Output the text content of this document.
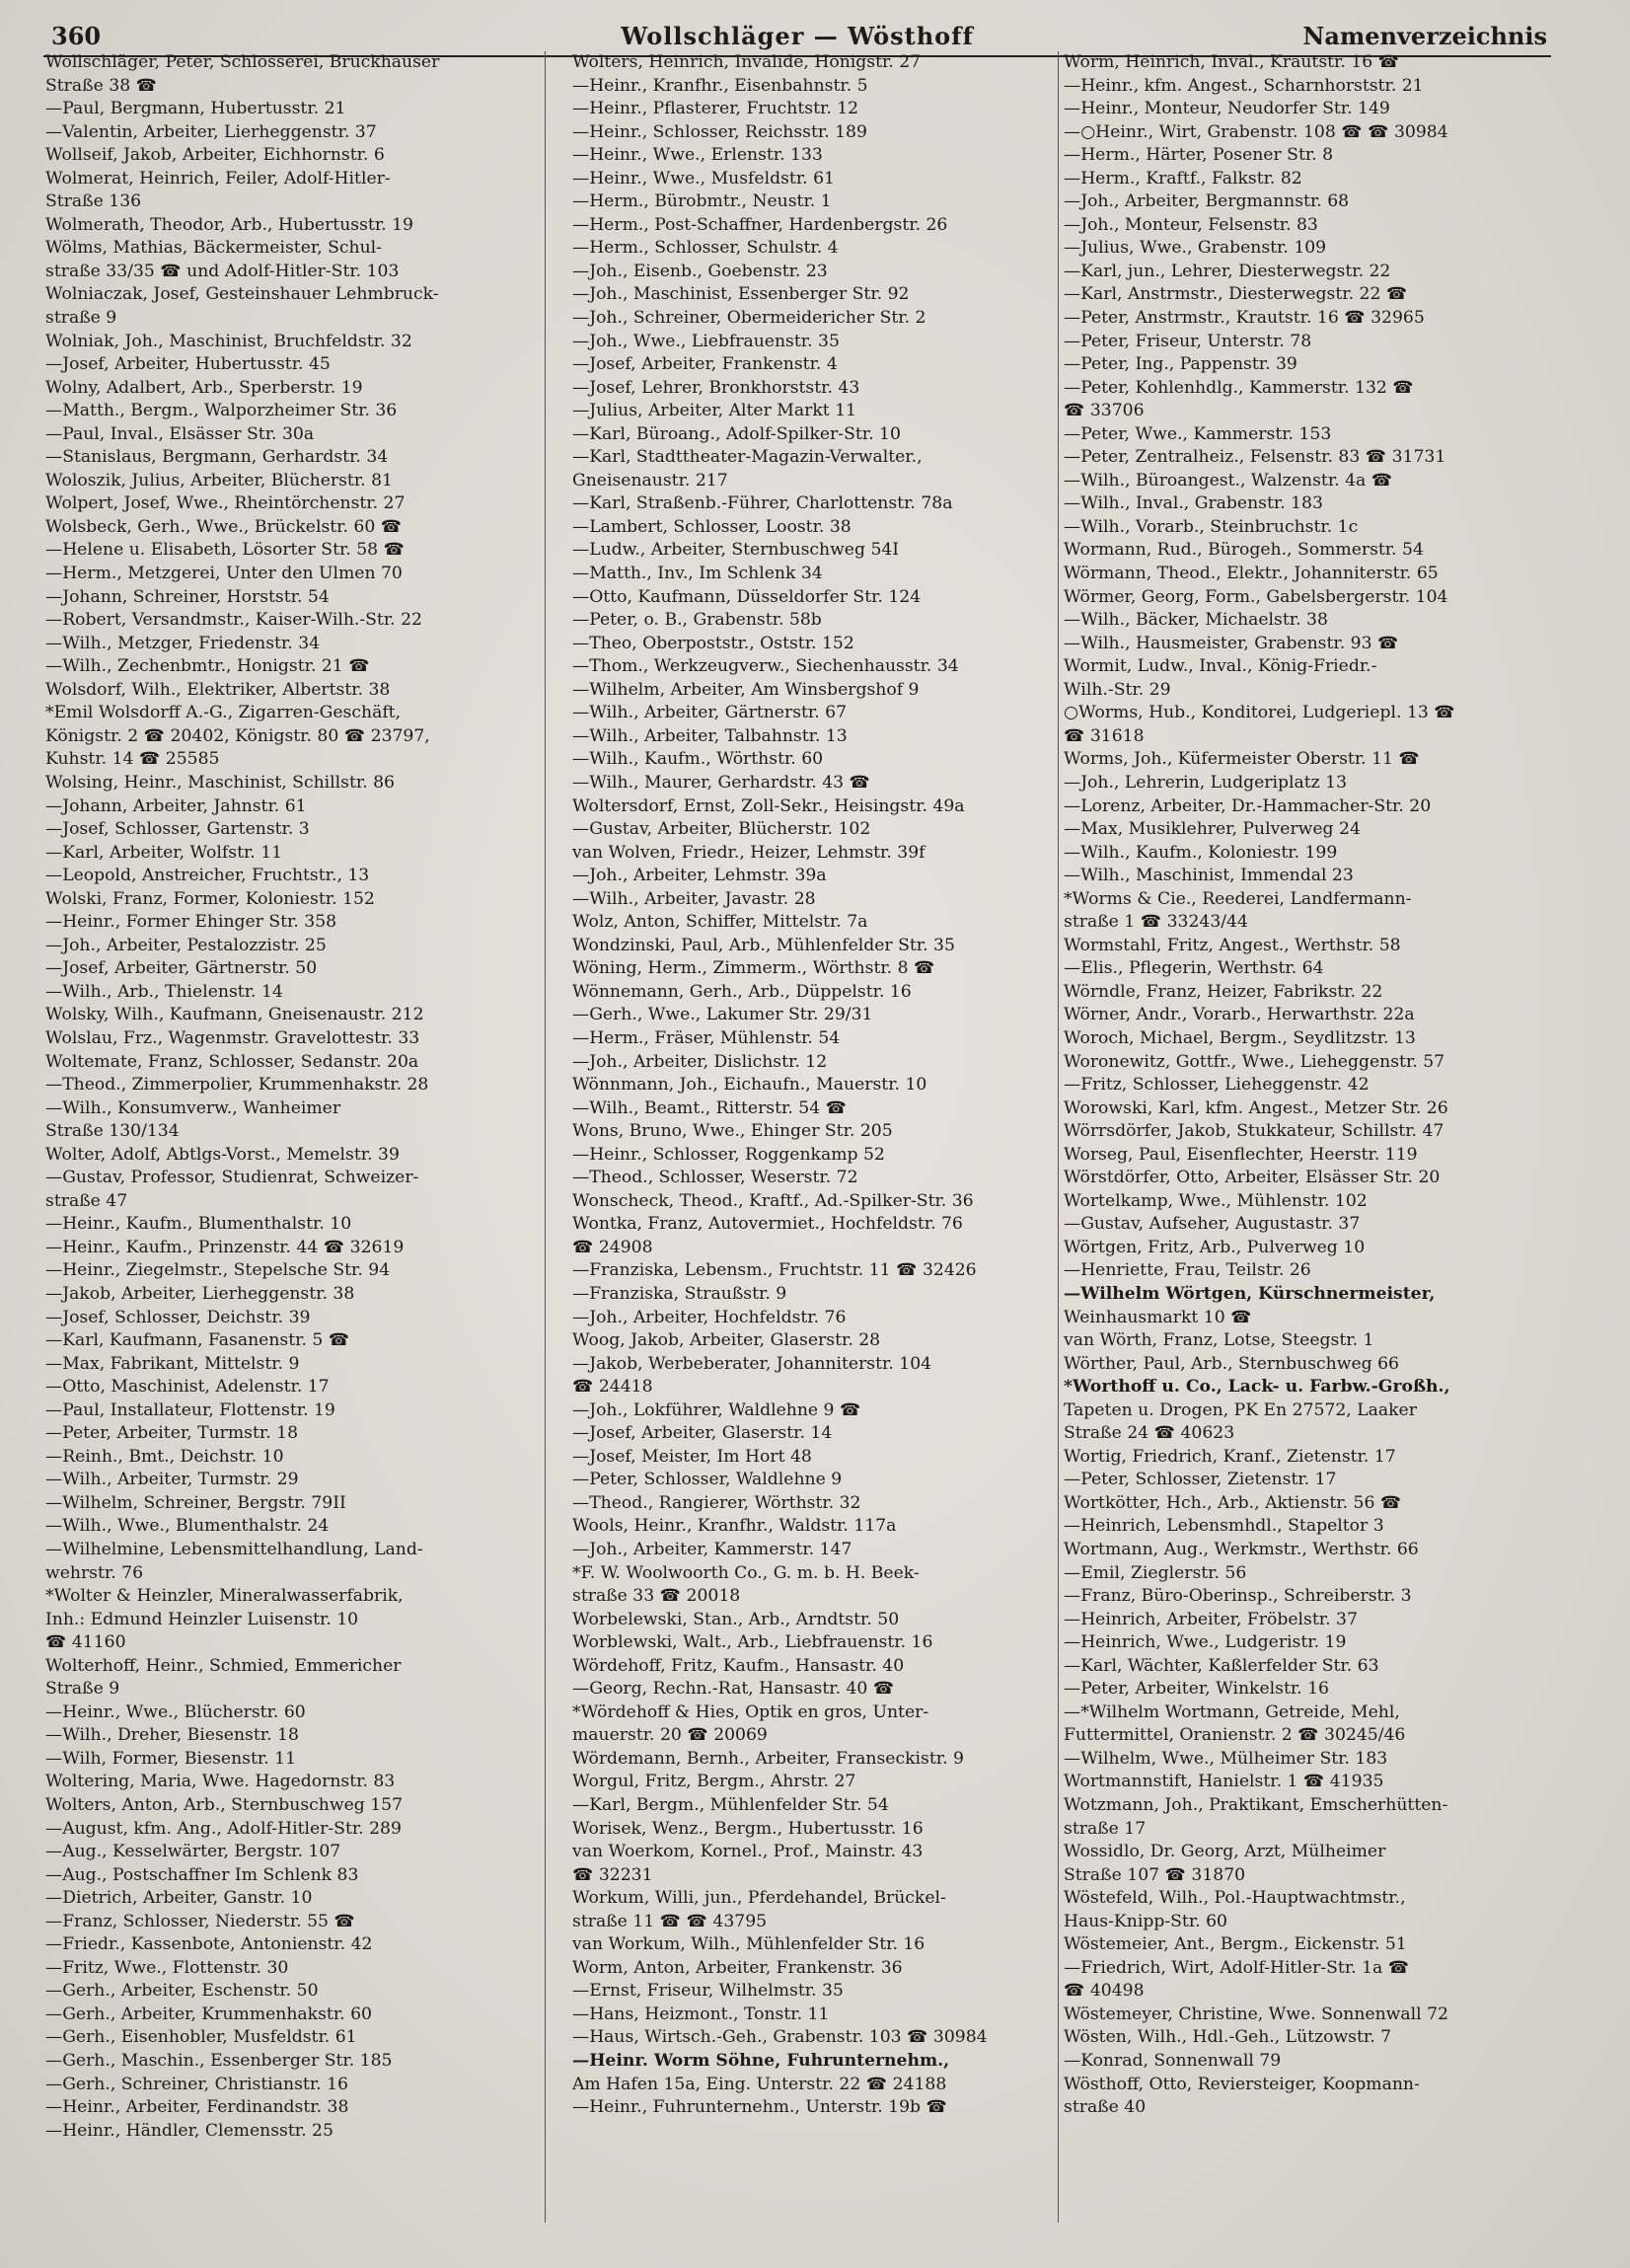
360	Wollschläger — Wösthoff	Namenverzeichnis
Wollschläger, Peter, Schlosserei, Bruckhauser
Straße 38 ☎
—Paul, Bergmann, Hubertusstr. 21
—Valentin, Arbeiter, Lierheggenstr. 37
Wollseif, Jakob, Arbeiter, Eichhornstr. 6
Wolmerat, Heinrich, Feiler, Adolf-Hitler-
Straße 136
Wolmerath, Theodor, Arb., Hubertusstr. 19
Wölms, Mathias, Bäckermeister, Schul-
straße 33/35 ☎ und Adolf-Hitler-Str. 103
Wolniaczak, Josef, Gesteinshauer Lehmbruck-
straße 9
Wolniak, Joh., Maschinist, Bruchfeldstr. 32
—Josef, Arbeiter, Hubertusstr. 45
Wolny, Adalbert, Arb., Sperberstr. 19
—Matth., Bergm., Walporzheimer Str. 36
—Paul, Inval., Elsässer Str. 30a
—Stanislaus, Bergmann, Gerhardstr. 34
Woloszik, Julius, Arbeiter, Blücherstr. 81
Wolpert, Josef, Wwe., Rheintörchenstr. 27
Wolsbeck, Gerh., Wwe., Brückelstr. 60 ☎
—Helene u. Elisabeth, Lösorter Str. 58 ☎
—Herm., Metzgerei, Unter den Ulmen 70
—Johann, Schreiner, Horststr. 54
—Robert, Versandmstr., Kaiser-Wilh.-Str. 22
—Wilh., Metzger, Friedenstr. 34
—Wilh., Zechenbmtr., Honigstr. 21 ☎
Wolsdorf, Wilh., Elektriker, Albertstr. 38
*Emil Wolsdorff A.-G., Zigarren-Geschäft,
Königstr. 2 ☎ 20402, Königstr. 80 ☎ 23797,
Kuhstr. 14 ☎ 25585
Wolsing, Heinr., Maschinist, Schillstr. 86
—Johann, Arbeiter, Jahnstr. 61
—Josef, Schlosser, Gartenstr. 3
—Karl, Arbeiter, Wolfstr. 11
—Leopold, Anstreicher, Fruchtstr., 13
Wolski, Franz, Former, Koloniestr. 152
—Heinr., Former Ehinger Str. 358
—Joh., Arbeiter, Pestalozzistr. 25
—Josef, Arbeiter, Gärtnerstr. 50
—Wilh., Arb., Thielenstr. 14
Wolsky, Wilh., Kaufmann, Gneisenaustr. 212
Wolslau, Frz., Wagenmstr. Gravelottestr. 33
Woltemate, Franz, Schlosser, Sedanstr. 20a
—Theod., Zimmerpolier, Krummenhakstr. 28
—Wilh., Konsumverw., Wanheimer
Straße 130/134
Wolter, Adolf, Abtlgs-Vorst., Memelstr. 39
—Gustav, Professor, Studienrat, Schweizer-
straße 47
—Heinr., Kaufm., Blumenthalstr. 10
—Heinr., Kaufm., Prinzenstr. 44 ☎ 32619
—Heinr., Ziegelmstr., Stepelsche Str. 94
—Jakob, Arbeiter, Lierheggenstr. 38
—Josef, Schlosser, Deichstr. 39
—Karl, Kaufmann, Fasanenstr. 5 ☎
—Max, Fabrikant, Mittelstr. 9
—Otto, Maschinist, Adelenstr. 17
—Paul, Installateur, Flottenstr. 19
—Peter, Arbeiter, Turmstr. 18
—Reinh., Bmt., Deichstr. 10
—Wilh., Arbeiter, Turmstr. 29
—Wilhelm, Schreiner, Bergstr. 79II
—Wilh., Wwe., Blumenthalstr. 24
—Wilhelmine, Lebensmittelhandlung, Land-
wehrstr. 76
*Wolter & Heinzler, Mineralwasserfabrik,
Inh.: Edmund Heinzler Luisenstr. 10
☎ 41160
Wolterhoff, Heinr., Schmied, Emmericher
Straße 9
—Heinr., Wwe., Blücherstr. 60
—Wilh., Dreher, Biesenstr. 18
—Wilh, Former, Biesenstr. 11
Woltering, Maria, Wwe. Hagedornstr. 83
Wolters, Anton, Arb., Sternbuschweg 157
—August, kfm. Ang., Adolf-Hitler-Str. 289
—Aug., Kesselwärter, Bergstr. 107
—Aug., Postschaffner Im Schlenk 83
—Dietrich, Arbeiter, Ganstr. 10
—Franz, Schlosser, Niederstr. 55 ☎
—Friedr., Kassenbote, Antonienstr. 42
—Fritz, Wwe., Flottenstr. 30
—Gerh., Arbeiter, Eschenstr. 50
—Gerh., Arbeiter, Krummenhakstr. 60
—Gerh., Eisenhobler, Musfeldstr. 61
—Gerh., Maschin., Essenberger Str. 185
—Gerh., Schreiner, Christianstr. 16
—Heinr., Arbeiter, Ferdinandstr. 38
—Heinr., Händler, Clemensstr. 25
Wolters, Heinrich, Invalide, Honigstr. 27
—Heinr., Kranfhr., Eisenbahnstr. 5
—Heinr., Pflasterer, Fruchtstr. 12
—Heinr., Schlosser, Reichsstr. 189
—Heinr., Wwe., Erlenstr. 133
—Heinr., Wwe., Musfeldstr. 61
—Herm., Bürobmtr., Neustr. 1
—Herm., Post-Schaffner, Hardenbergstr. 26
—Herm., Schlosser, Schulstr. 4
—Joh., Eisenb., Goebenstr. 23
—Joh., Maschinist, Essenberger Str. 92
—Joh., Schreiner, Obermeidericher Str. 2
—Joh., Wwe., Liebfrauenstr. 35
—Josef, Arbeiter, Frankenstr. 4
—Josef, Lehrer, Bronkhorststr. 43
—Julius, Arbeiter, Alter Markt 11
—Karl, Büroang., Adolf-Spilker-Str. 10
—Karl, Stadttheater-Magazin-Verwalter.,
Gneisenaustr. 217
—Karl, Straßenb.-Führer, Charlottenstr. 78a
—Lambert, Schlosser, Loostr. 38
—Ludw., Arbeiter, Sternbuschweg 54I
—Matth., Inv., Im Schlenk 34
—Otto, Kaufmann, Düsseldorfer Str. 124
—Peter, o. B., Grabenstr. 58b
—Theo, Oberpoststr., Oststr. 152
—Thom., Werkzeugverw., Siechenhausstr. 34
—Wilhelm, Arbeiter, Am Winsbergshof 9
—Wilh., Arbeiter, Gärtnerstr. 67
—Wilh., Arbeiter, Talbahnstr. 13
—Wilh., Kaufm., Wörthstr. 60
—Wilh., Maurer, Gerhardstr. 43 ☎
Woltersdorf, Ernst, Zoll-Sekr., Heisingstr. 49a
—Gustav, Arbeiter, Blücherstr. 102
van Wolven, Friedr., Heizer, Lehmstr. 39f
—Joh., Arbeiter, Lehmstr. 39a
—Wilh., Arbeiter, Javastr. 28
Wolz, Anton, Schiffer, Mittelstr. 7a
Wondzinski, Paul, Arb., Mühlenfelder Str. 35
Wöning, Herm., Zimmerm., Wörthstr. 8 ☎
Wönnemann, Gerh., Arb., Düppelstr. 16
—Gerh., Wwe., Lakumer Str. 29/31
—Herm., Fräser, Mühlenstr. 54
—Joh., Arbeiter, Dislichstr. 12
Wönnmann, Joh., Eichaufn., Mauerstr. 10
—Wilh., Beamt., Ritterstr. 54 ☎
Wons, Bruno, Wwe., Ehinger Str. 205
—Heinr., Schlosser, Roggenkamp 52
—Theod., Schlosser, Weserstr. 72
Wonscheck, Theod., Kraftf., Ad.-Spilker-Str. 36
Wontka, Franz, Autovermiet., Hochfeldstr. 76
☎ 24908
—Franziska, Lebensm., Fruchtstr. 11 ☎ 32426
—Franziska, Straußstr. 9
—Joh., Arbeiter, Hochfeldstr. 76
Woog, Jakob, Arbeiter, Glaserstr. 28
—Jakob, Werbeberater, Johanniterstr. 104
☎ 24418
—Joh., Lokführer, Waldlehne 9 ☎
—Josef, Arbeiter, Glaserstr. 14
—Josef, Meister, Im Hort 48
—Peter, Schlosser, Waldlehne 9
—Theod., Rangierer, Wörthstr. 32
Wools, Heinr., Kranfhr., Waldstr. 117a
—Joh., Arbeiter, Kammerstr. 147
*F. W. Woolwoorth Co., G. m. b. H. Beek-
straße 33 ☎ 20018
Worbelewski, Stan., Arb., Arndtstr. 50
Worblewski, Walt., Arb., Liebfrauenstr. 16
Wördehoff, Fritz, Kaufm., Hansastr. 40
—Georg, Rechn.-Rat, Hansastr. 40 ☎
*Wördehoff & Hies, Optik en gros, Unter-
mauerstr. 20 ☎ 20069
Wördemann, Bernh., Arbeiter, Franseckistr. 9
Worgul, Fritz, Bergm., Ahrstr. 27
—Karl, Bergm., Mühlenfelder Str. 54
Worisek, Wenz., Bergm., Hubertusstr. 16
van Woerkom, Kornel., Prof., Mainstr. 43
☎ 32231
Workum, Willi, jun., Pferdehandel, Brückel-
straße 11 ☎ ☎ 43795
van Workum, Wilh., Mühlenfelder Str. 16
Worm, Anton, Arbeiter, Frankenstr. 36
—Ernst, Friseur, Wilhelmstr. 35
—Hans, Heizmont., Tonstr. 11
—Haus, Wirtsch.-Geh., Grabenstr. 103 ☎ 30984
—Heinr. Worm Söhne, Fuhrunternehm.,
Am Hafen 15a, Eing. Unterstr. 22 ☎ 24188
—Heinr., Fuhrunternehm., Unterstr. 19b ☎
Worm, Heinrich, Inval., Krautstr. 16 ☎
—Heinr., kfm. Angest., Scharnhorststr. 21
—Heinr., Monteur, Neudorfer Str. 149
—○Heinr., Wirt, Grabenstr. 108 ☎ ☎ 30984
—Herm., Härter, Posener Str. 8
—Herm., Kraftf., Falkstr. 82
—Joh., Arbeiter, Bergmannstr. 68
—Joh., Monteur, Felsenstr. 83
—Julius, Wwe., Grabenstr. 109
—Karl, jun., Lehrer, Diesterwegstr. 22
—Karl, Anstrmstr., Diesterwegstr. 22 ☎
—Peter, Anstrmstr., Krautstr. 16 ☎ 32965
—Peter, Friseur, Unterstr. 78
—Peter, Ing., Pappenstr. 39
—Peter, Kohlenhdlg., Kammerstr. 132 ☎
☎ 33706
—Peter, Wwe., Kammerstr. 153
—Peter, Zentralheiz., Felsenstr. 83 ☎ 31731
—Wilh., Büroangest., Walzenstr. 4a ☎
—Wilh., Inval., Grabenstr. 183
—Wilh., Vorarb., Steinbruchstr. 1c
Wormann, Rud., Bürogeh., Sommerstr. 54
Wörmann, Theod., Elektr., Johanniterstr. 65
Wörmer, Georg, Form., Gabelsbergerstr. 104
—Wilh., Bäcker, Michaelstr. 38
—Wilh., Hausmeister, Grabenstr. 93 ☎
Wormit, Ludw., Inval., König-Friedr.-
Wilh.-Str. 29
○Worms, Hub., Konditorei, Ludgeriepl. 13 ☎
☎ 31618
Worms, Joh., Küfermeister Oberstr. 11 ☎
—Joh., Lehrerin, Ludgeriplatz 13
—Lorenz, Arbeiter, Dr.-Hammacher-Str. 20
—Max, Musiklehrer, Pulverweg 24
—Wilh., Kaufm., Koloniestr. 199
—Wilh., Maschinist, Immendal 23
*Worms & Cie., Reederei, Landfermann-
straße 1 ☎ 33243/44
Wormstahl, Fritz, Angest., Werthstr. 58
—Elis., Pflegerin, Werthstr. 64
Wörndle, Franz, Heizer, Fabrikstr. 22
Wörner, Andr., Vorarb., Herwarthstr. 22a
Woroch, Michael, Bergm., Seydlitzstr. 13
Woronewitz, Gottfr., Wwe., Lieheggenstr. 57
—Fritz, Schlosser, Lieheggenstr. 42
Worowski, Karl, kfm. Angest., Metzer Str. 26
Wörrsdörfer, Jakob, Stukkateur, Schillstr. 47
Worseg, Paul, Eisenflechter, Heerstr. 119
Wörstdörfer, Otto, Arbeiter, Elsässer Str. 20
Wortelkamp, Wwe., Mühlenstr. 102
—Gustav, Aufseher, Augustastr. 37
Wörtgen, Fritz, Arb., Pulverweg 10
—Henriette, Frau, Teilstr. 26
—Wilhelm Wörtgen, Kürschnermeister,
Weinhausmarkt 10 ☎
van Wörth, Franz, Lotse, Steegstr. 1
Wörther, Paul, Arb., Sternbuschweg 66
*Worthoff u. Co., Lack- u. Farbw.-Großh.,
Tapeten u. Drogen, PK En 27572, Laaker
Straße 24 ☎ 40623
Wortig, Friedrich, Kranf., Zietenstr. 17
—Peter, Schlosser, Zietenstr. 17
Wortkötter, Hch., Arb., Aktienstr. 56 ☎
—Heinrich, Lebensmhdl., Stapeltor 3
Wortmann, Aug., Werkmstr., Werthstr. 66
—Emil, Zieglerstr. 56
—Franz, Büro-Oberinsp., Schreiberstr. 3
—Heinrich, Arbeiter, Fröbelstr. 37
—Heinrich, Wwe., Ludgeristr. 19
—Karl, Wächter, Kaßlerfelder Str. 63
—Peter, Arbeiter, Winkelstr. 16
—*Wilhelm Wortmann, Getreide, Mehl,
Futtermittel, Oranienstr. 2 ☎ 30245/46
—Wilhelm, Wwe., Mülheimer Str. 183
Wortmannstift, Hanielstr. 1 ☎ 41935
Wotzmann, Joh., Praktikant, Emscherhütten-
straße 17
Wossidlo, Dr. Georg, Arzt, Mülheimer
Straße 107 ☎ 31870
Wöstefeld, Wilh., Pol.-Hauptwachtmstr.,
Haus-Knipp-Str. 60
Wöstemeier, Ant., Bergm., Eickenstr. 51
—Friedrich, Wirt, Adolf-Hitler-Str. 1a ☎
☎ 40498
Wöstemeyer, Christine, Wwe. Sonnenwall 72
Wösten, Wilh., Hdl.-Geh., Lützowstr. 7
—Konrad, Sonnenwall 79
Wösthoff, Otto, Reviersteiger, Koopmann-
straße 40
